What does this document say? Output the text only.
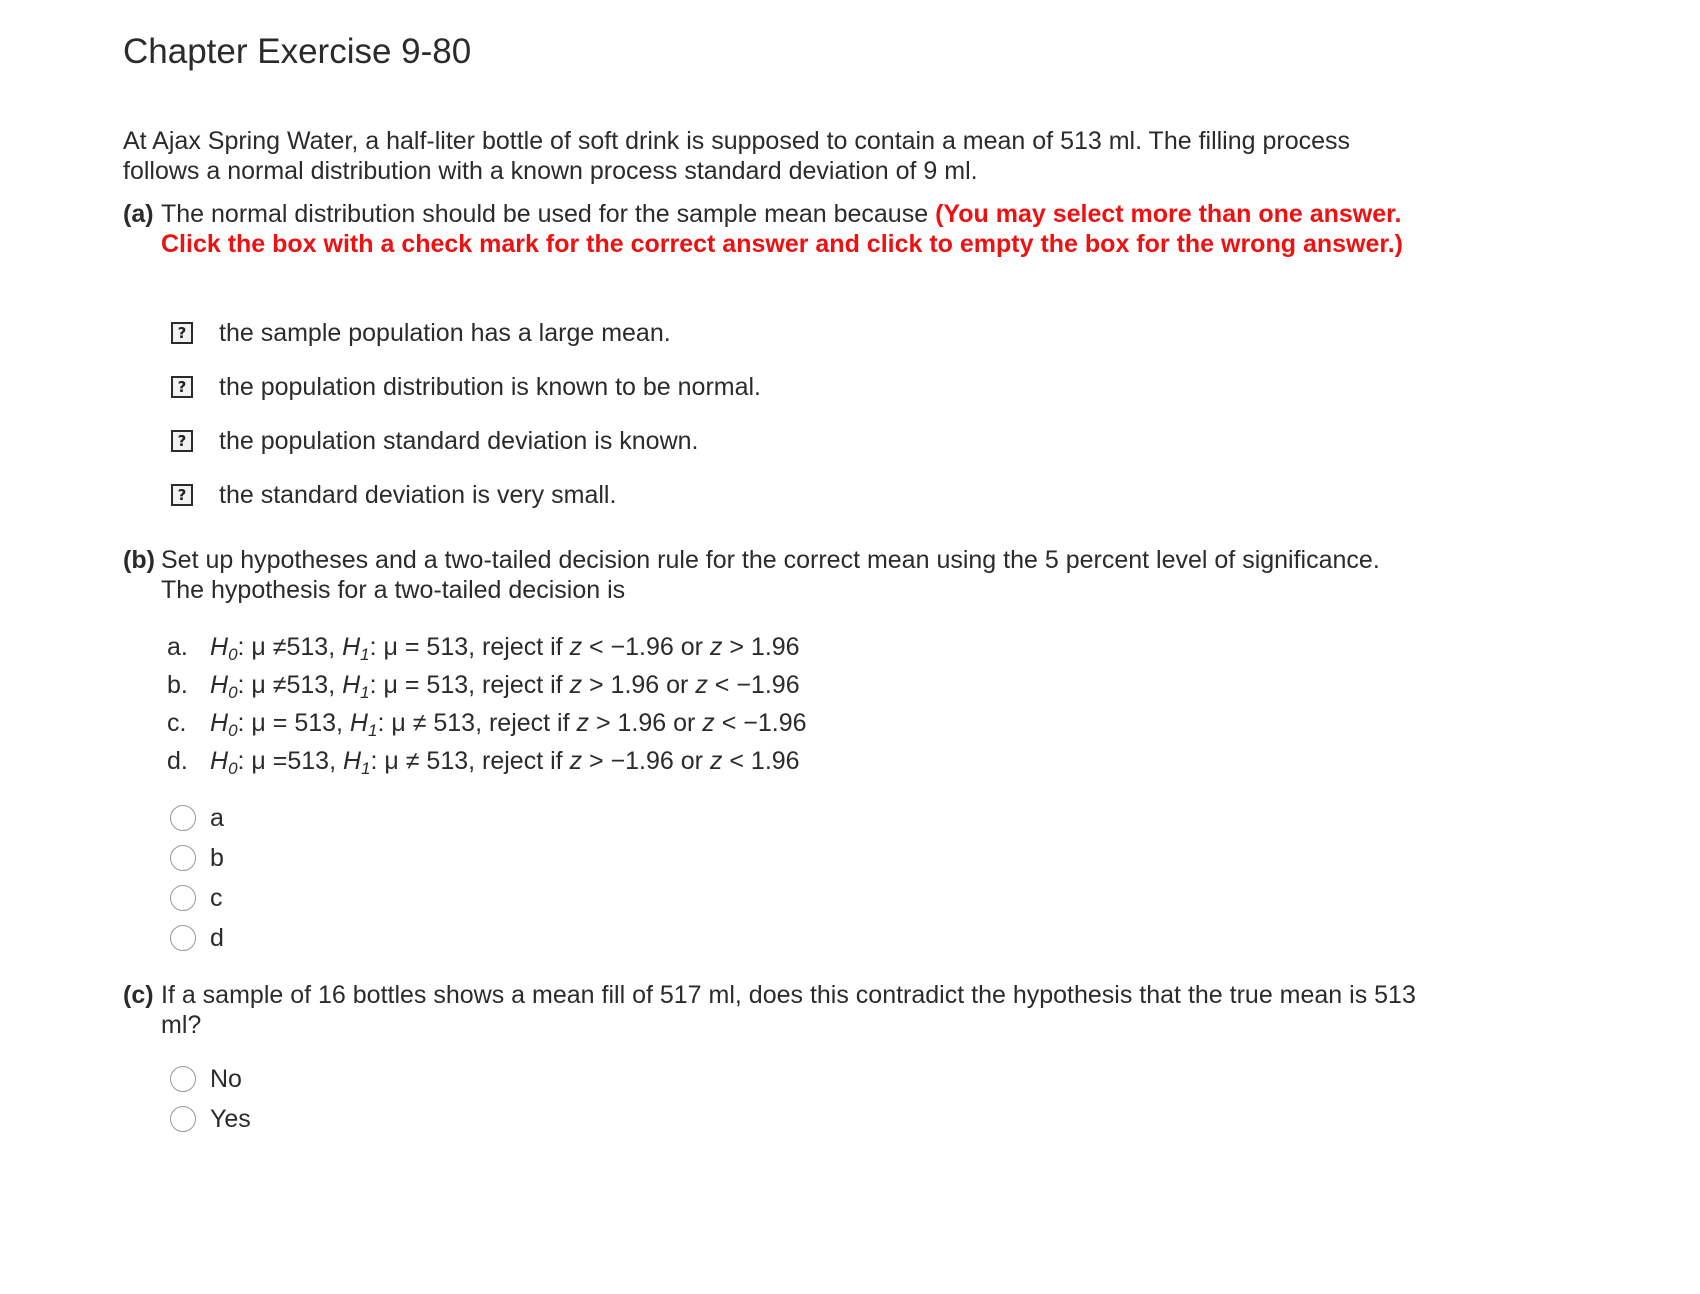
Chapter Exercise 9-80
At Ajax Spring Water, a half-liter bottle of soft drink is supposed to contain a mean of 513 ml. The filling process follows a normal distribution with a known process standard deviation of 9 ml.
(a) The normal distribution should be used for the sample mean because (You may select more than one answer. Click the box with a check mark for the correct answer and click to empty the box for the wrong answer.)
? the sample population has a large mean.
? the population distribution is known to be normal.
? the population standard deviation is known.
? the standard deviation is very small.
(b) Set up hypotheses and a two-tailed decision rule for the correct mean using the 5 percent level of significance. The hypothesis for a two-tailed decision is
a. $H_0$: μ ≠513, $H_1$: μ = 513, reject if z < −1.96 or z > 1.96
b. $H_0$: μ ≠513, $H_1$: μ = 513, reject if z > 1.96 or z < −1.96
c. $H_0$: μ = 513, $H_1$: μ ≠ 513, reject if z > 1.96 or z < −1.96
d. $H_0$: μ =513, $H_1$: μ ≠ 513, reject if z > −1.96 or z < 1.96
a
b
c
d
(c) If a sample of 16 bottles shows a mean fill of 517 ml, does this contradict the hypothesis that the true mean is 513 ml?
No
Yes
